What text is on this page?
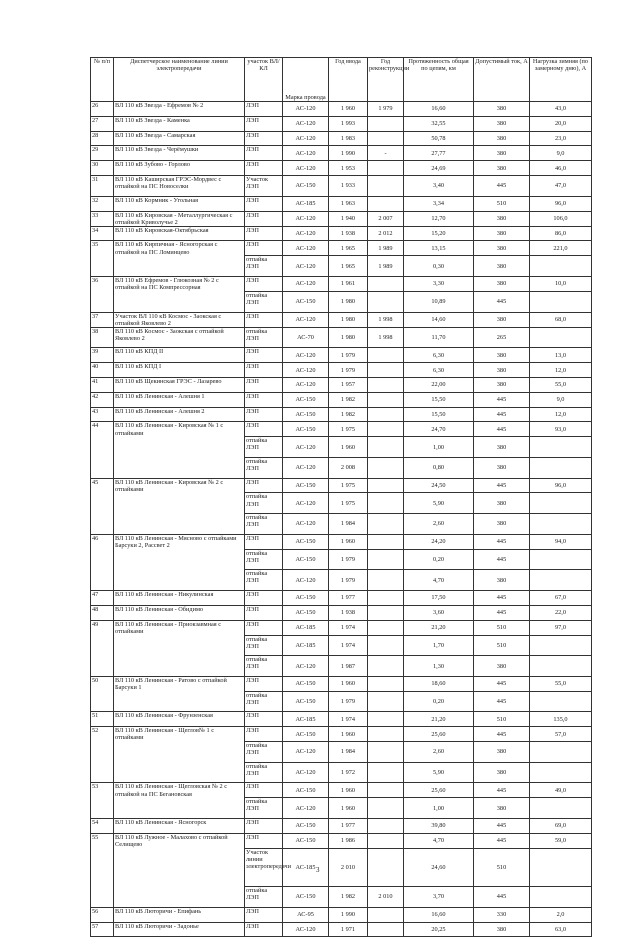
№ п/п	Диспетчерское наименование линии электропередачи	участок ВЛ/КЛ	Марка провода	Год ввода	Год реконструкции	Протяженность общая по цепям, км	Допустимый ток, А	Нагрузка зимняя (по замерному дню), А
26	ВЛ 110 кВ Звезда - Ефремов № 2	ЛЭП	АС-120	1 960	1 979	16,60	380	43,0
27	ВЛ 110 кВ Звезда - Каменка	ЛЭП	АС-120	1 993		32,55	380	20,0
28	ВЛ 110 кВ Звезда - Самарская	ЛЭП	АС-120	1 983		50,78	380	23,0
29	ВЛ 110 кВ Звезда - Черёмушки	ЛЭП	АС-120	1 990	-	27,77	380	9,0
30	ВЛ 110 кВ Зубово - Горлово	ЛЭП	АС-120	1 953		24,69	380	46,0
31	ВЛ 110 кВ Каширская ГРЭС-Мордвес с отпайкой на ПС Новоселки	Участок ЛЭП	АС-150	1 933		3,40	445	47,0
32	ВЛ 110 кВ Кормник - Угольная	ЛЭП	АС-185	1 963		3,34	510	96,0
33	ВЛ 110 кВ Кировская - Металлургическая с отпайкой Криволучье 2	ЛЭП	АС-120	1 940	2 007	12,70	380	106,0
34	ВЛ 110 кВ Кировская-Октябрьская	ЛЭП	АС-120	1 938	2 012	15,20	380	86,0
35	ВЛ 110 кВ Кирпичная - Ясногорская с отпайкой на ПС Ломинцево	ЛЭП	АС-120	1 965	1 989	13,15	380	221,0
		отпайка ЛЭП	АС-120	1 965	1 989	0,30	380	
36	ВЛ 110 кВ Ефремов - Глюкозная № 2 с отпайкой на ПС Компрессорная	ЛЭП	АС-120	1 961		3,30	380	10,0
		отпайка ЛЭП	АС-150	1 980		10,89	445	
37	Участок ВЛ 110 кВ Космос - Заокская с отпайкой Яковлево 2	ЛЭП	АС-120	1 980	1 998	14,60	380	68,0
38	ВЛ 110 кВ Космос - Заокская с отпайкой Яковлево 2	отпайка ЛЭП	АС-70	1 980	1 998	11,70	265	
39	ВЛ 110 кВ КПД II	ЛЭП	АС-120	1 979		6,30	380	13,0
40	ВЛ 110 кВ КПД I	ЛЭП	АС-120	1 979		6,30	380	12,0
41	ВЛ 110 кВ Щекинская ГРЭС - Лазарево	ЛЭП	АС-120	1 957		22,00	380	55,0
42	ВЛ 110 кВ Ленинская - Алешня 1	ЛЭП	АС-150	1 982		15,50	445	9,0
43	ВЛ 110 кВ Ленинская - Алешня 2	ЛЭП	АС-150	1 982		15,50	445	12,0
44	ВЛ 110 кВ Ленинская - Кировская № 1 с отпайками	ЛЭП	АС-150	1 975		24,70	445	93,0
		отпайка ЛЭП	АС-120	1 960		1,00	380	
		отпайка ЛЭП	АС-120	2 008		0,80	380	
45	ВЛ 110 кВ Ленинская - Кировская № 2 с отпайками	ЛЭП	АС-150	1 975		24,50	445	96,0
		отпайка ЛЭП	АС-120	1 975		5,90	380	
		отпайка ЛЭП	АС-120	1 984		2,60	380	
46	ВЛ 110 кВ Ленинская - Мясново с отпайками Барсуки 2, Рассвет 2	ЛЭП	АС-150	1 960		24,20	445	94,0
		отпайка ЛЭП	АС-150	1 979		0,20	445	
		отпайка ЛЭП	АС-120	1 979		4,70	380	
47	ВЛ 110 кВ Ленинская - Никулинская	ЛЭП	АС-150	1 977		17,50	445	67,0
48	ВЛ 110 кВ Ленинская - Обидимо	ЛЭП	АС-150	1 938		3,60	445	22,0
49	ВЛ 110 кВ Ленинская - Приокзавмная с отпайками	ЛЭП	АС-185	1 974		21,20	510	97,0
		отпайка ЛЭП	АС-185	1 974		1,70	510	
		отпайка ЛЭП	АС-120	1 987		1,30	380	
50	ВЛ 110 кВ Ленинская - Ратово с отпайкой Барсуки 1	ЛЭП	АС-150	1 960		18,60	445	55,0
		отпайка ЛЭП	АС-150	1 979		0,20	445	
51	ВЛ 110 кВ Ленинская - Фрунзенская	ЛЭП	АС-185	1 974		21,20	510	135,0
52	ВЛ 110 кВ Ленинская - Щеглов№ 1 с отпайками	ЛЭП	АС-150	1 960		25,60	445	57,0
		отпайка ЛЭП	АС-120	1 984		2,60	380	
		отпайка ЛЭП	АС-120	1 972		5,90	380	
53	ВЛ 110 кВ Ленинская - Щегловская № 2 с отпайкой на ПС Бегановская	ЛЭП	АС-150	1 960		25,60	445	49,0
		отпайка ЛЭП	АС-120	1 960		1,00	380	
54	ВЛ 110 кВ Ленинская - Ясногорск	ЛЭП	АС-150	1 977		39,80	445	69,0
55	ВЛ 110 кВ Лужное - Малахово с отпайкой Селищево	ЛЭП	АС-150	1 986		4,70	445	59,0
		Участок линии электропередачи	АС-185	2 010		24,60	510	
		отпайка ЛЭП	АС-150	1 982	2 010	3,70	445	
56	ВЛ 110 кВ Лютоpичи - Епифань	ЛЭП	АС-95	1 990		16,60	330	2,0
57	ВЛ 110 кВ Лютоpичи - Задонье	ЛЭП	АС-120	1 971		20,25	380	63,0
3
